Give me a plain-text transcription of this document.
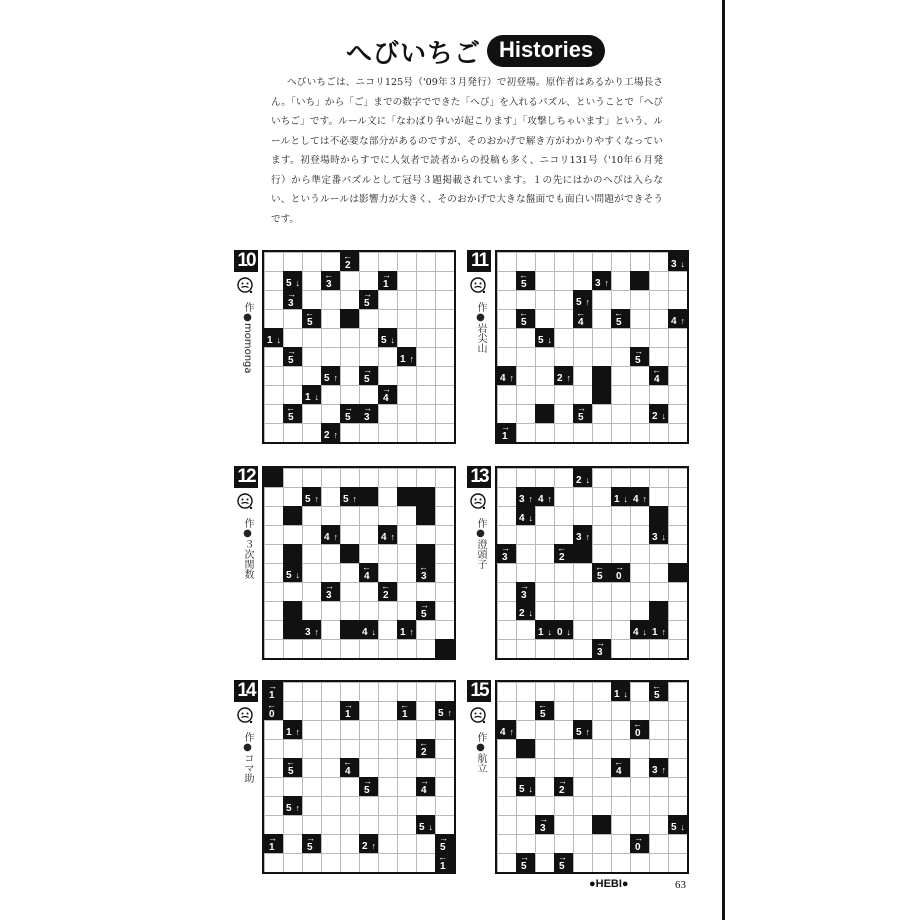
へびいちご Histories

へびいちごは、ニコリ125号（'09年３月発行）で初登場。原作者はあるかり工場長さん。「いち」から「ご」までの数字でできた「へび」を入れるパズル、ということで「へびいちご」です。ルール文に「なわばり争いが起こります」「攻撃しちゃいます」という、ルールとしては不必要な部分があるのですが、そのおかげで解き方がわかりやすくなっています。初登場時からすでに人気者で読者からの投稿も多く、ニコリ131号（'10年６月発行）から準定番パズルとして冠号３題掲載されています。１の先にはかのへびは入らない、というルールは影響力が大きく、そのおかげで大きな盤面でも面白い問題ができそうです。

10
作●momonga
2
←
5 ↓	3
←
1
→
3
→
5
→
5
←
1 ↓	5 ↓
5
→
1 ↑
5 ↑	5
→
1 ↓	4
→
5
←
5
→
3
→
2 ↑
11
作●岩尖山
3 ↓
5
←
3 ↑
5 ↑
5
←
4
←
5
←
4 ↑
5 ↓
5
→
4 ↑	2 ↑	4
←
5
→
2 ↓
1
→
12
作●３次関数
5 ↑ 5 ↑
4 ↑	4 ↑
5 ↓	4
←
3
←
3
→
2
←
5
→
3 ↑	4 ↓ 1 ↑
13
作●澄頭子
2 ↓
3 ↑ 4 ↑	1 ↓ 4 ↑
4 ↓
3 ↑	3 ↓
3
→
2
←
5
←
0
→
3
→
2 ↓
1 ↓ 0 ↓	4 ↓ 1 ↑
3
→
14
作●コマ助
1
→
0
←
1
→
1
←
5 ↑
1 ↑
2
←
5
←
4
←
5
→
4
→
5 ↑
5 ↓
1
→
5
→
2 ↑	5
→
1
←
15
作●航立
1 ↓	5
←
5
←
4 ↑	5 ↑	0
←
4
←
3 ↑
5 ↓	2
→
3
→
5 ↓
0
→
5
→
5
→
●HEBI●	63
